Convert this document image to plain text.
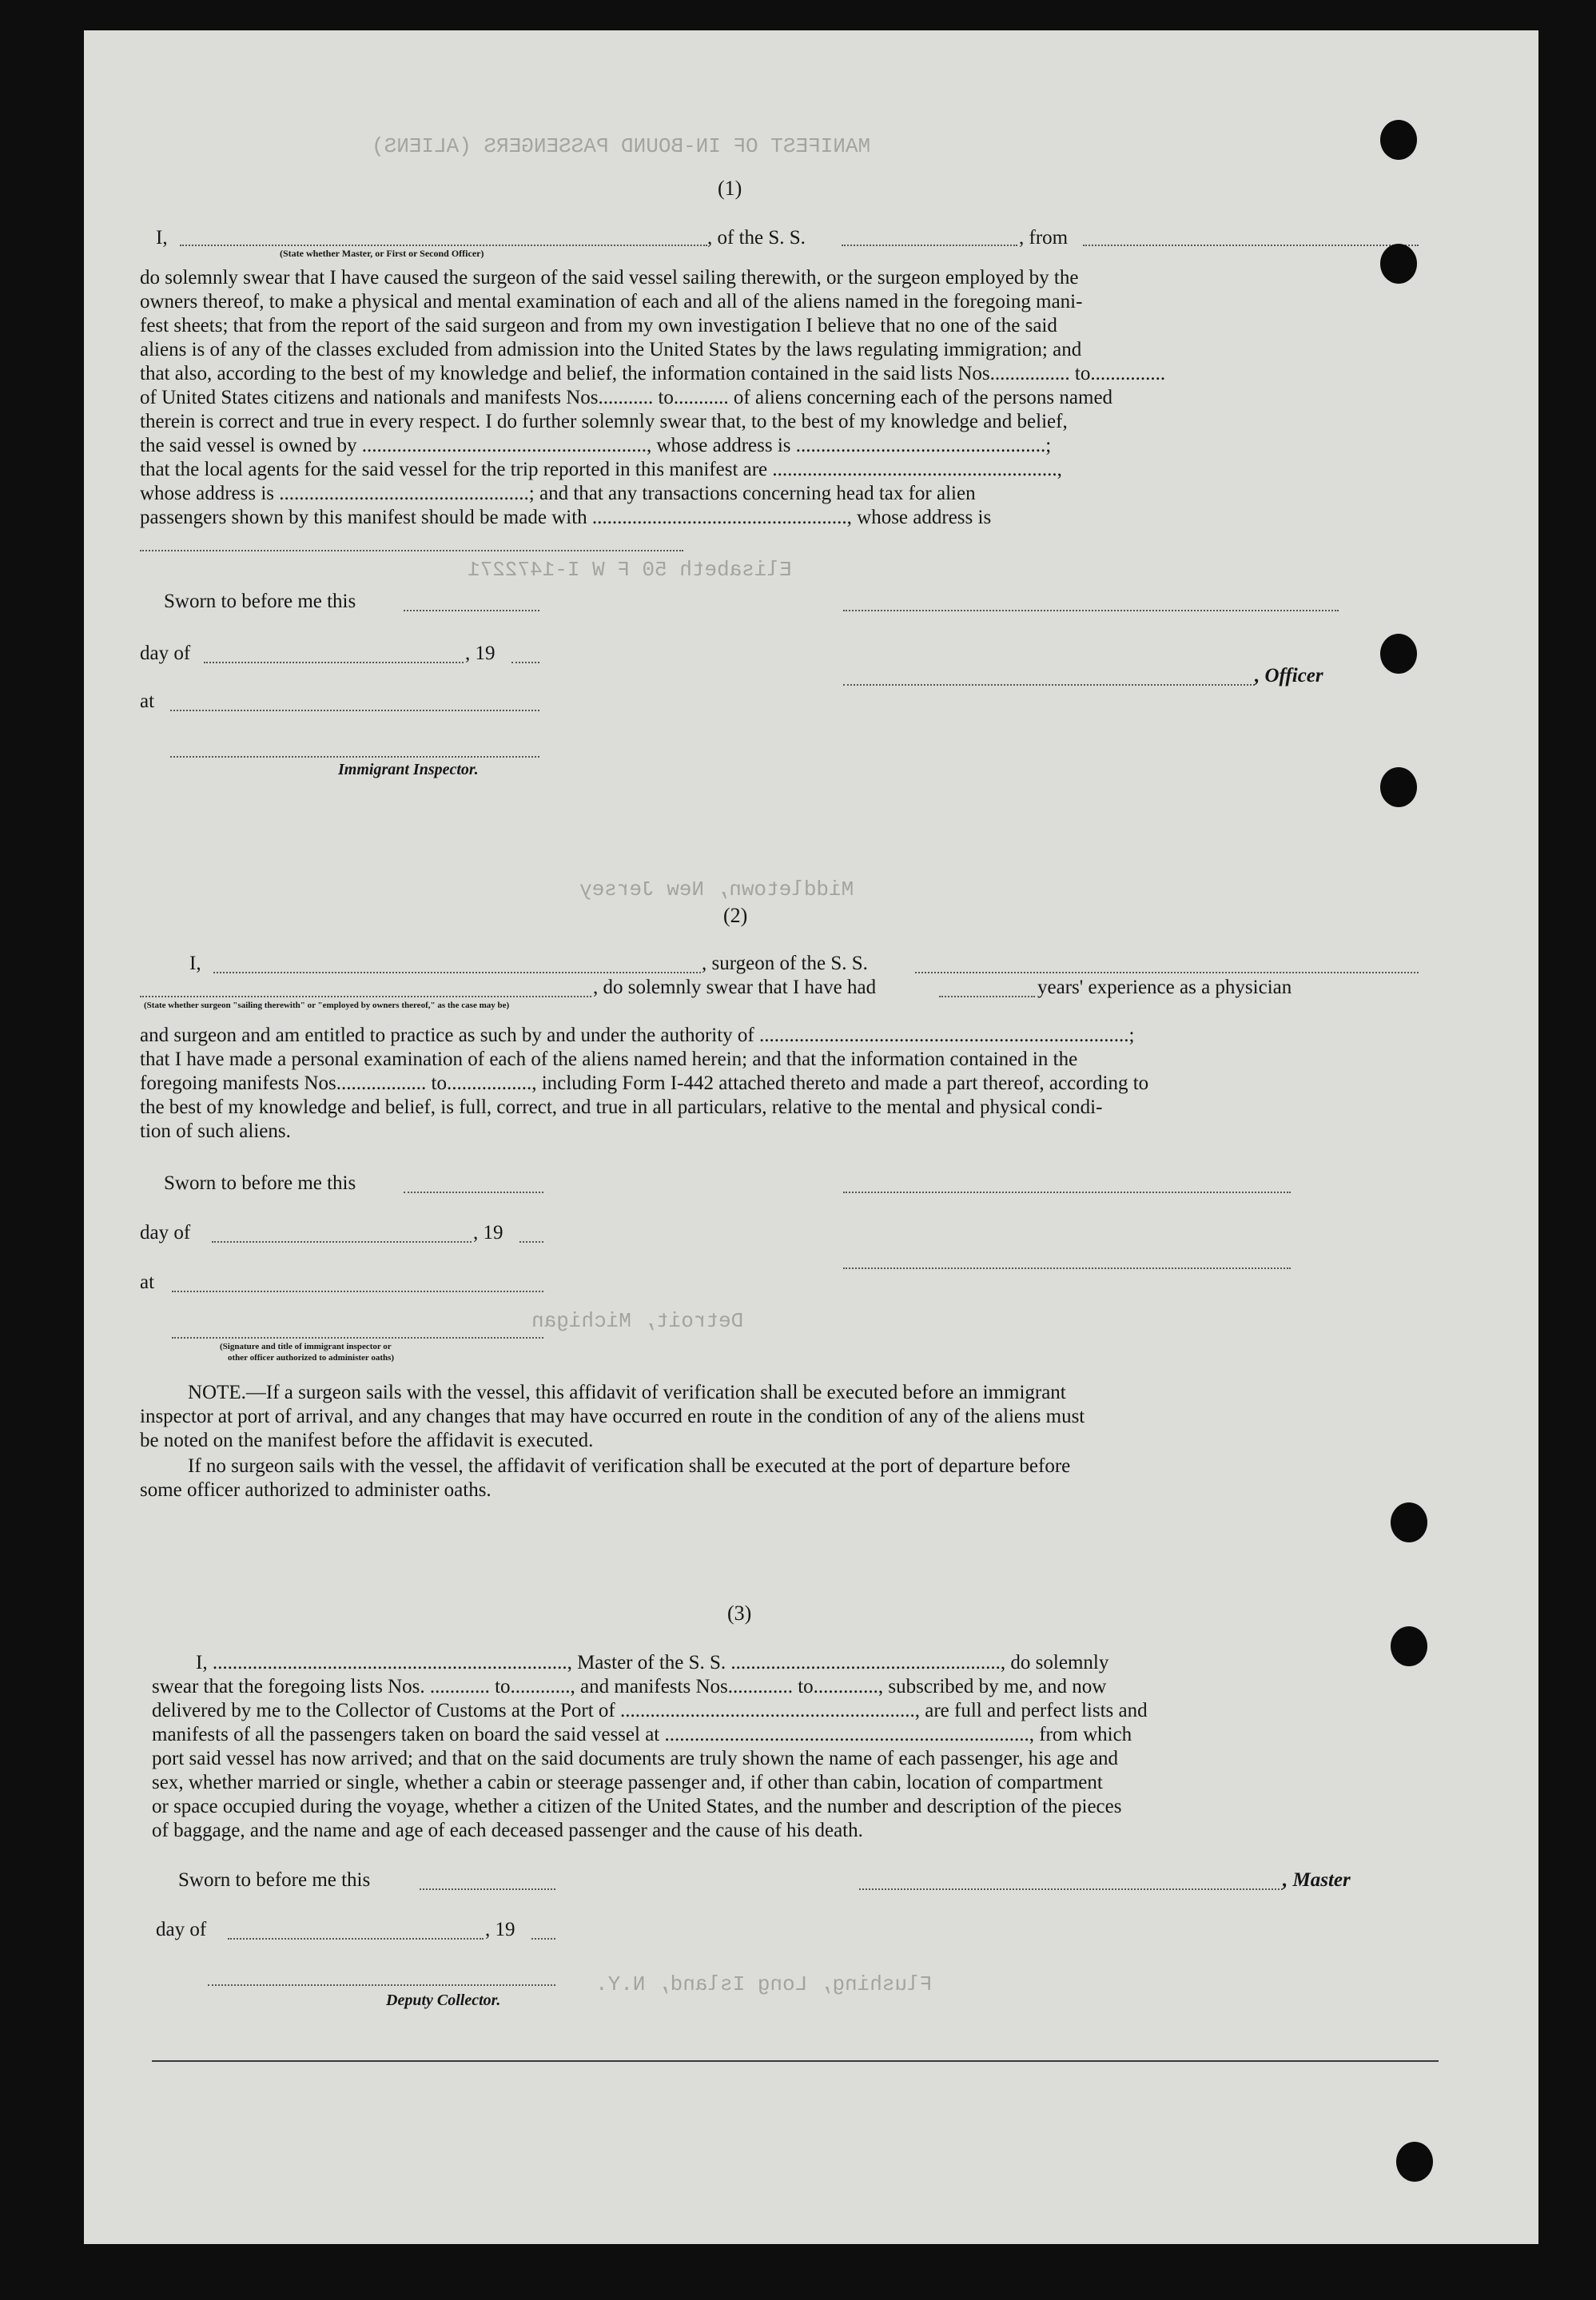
MANIFEST OF IN-BOUND PASSENGERS (ALIENS)
Elisabeth 50 F W I-1472271
Middletown, New Jersey
Detroit, Michigan
Flushing, Long Island, N.Y.
(1)
I,	, of the S. S.	, from
(State whether Master, or First or Second Officer)
do solemnly swear that I have caused the surgeon of the said vessel sailing therewith, or the surgeon employed by the
owners thereof, to make a physical and mental examination of each and all of the aliens named in the foregoing mani-
fest sheets; that from the report of the said surgeon and from my own investigation I believe that no one of the said
aliens is of any of the classes excluded from admission into the United States by the laws regulating immigration; and
that also, according to the best of my knowledge and belief, the information contained in the said lists Nos................ to...............
of United States citizens and nationals and manifests Nos........... to........... of aliens concerning each of the persons named
therein is correct and true in every respect. I do further solemnly swear that, to the best of my knowledge and belief,
the said vessel is owned by ........................................................., whose address is ..................................................;
that the local agents for the said vessel for the trip reported in this manifest are .........................................................,
whose address is ..................................................; and that any transactions concerning head tax for alien
passengers shown by this manifest should be made with ..................................................., whose address is
Sworn to before me this
day of	, 19
at
Immigrant Inspector.
, Officer
(2)
I,	, surgeon of the S. S.
, do solemnly swear that I have had	years' experience as a physician
(State whether surgeon "sailing therewith" or "employed by owners thereof," as the case may be)
and surgeon and am entitled to practice as such by and under the authority of ..........................................................................;
that I have made a personal examination of each of the aliens named herein; and that the information contained in the
foregoing manifests Nos.................. to................., including Form I-442 attached thereto and made a part thereof, according to
the best of my knowledge and belief, is full, correct, and true in all particulars, relative to the mental and physical condi-
tion of such aliens.
Sworn to before me this
day of	, 19
at
(Signature and title of immigrant inspector or
other officer authorized to administer oaths)
NOTE.—If a surgeon sails with the vessel, this affidavit of verification shall be executed before an immigrant
inspector at port of arrival, and any changes that may have occurred en route in the condition of any of the aliens must
be noted on the manifest before the affidavit is executed.
If no surgeon sails with the vessel, the affidavit of verification shall be executed at the port of departure before
some officer authorized to administer oaths.
(3)
I, ......................................................................., Master of the S. S. ......................................................, do solemnly
swear that the foregoing lists Nos. ............ to............, and manifests Nos............. to............., subscribed by me, and now
delivered by me to the Collector of Customs at the Port of ..........................................................., are full and perfect lists and
manifests of all the passengers taken on board the said vessel at ........................................................................., from which
port said vessel has now arrived; and that on the said documents are truly shown the name of each passenger, his age and
sex, whether married or single, whether a cabin or steerage passenger and, if other than cabin, location of compartment
or space occupied during the voyage, whether a citizen of the United States, and the number and description of the pieces
of baggage, and the name and age of each deceased passenger and the cause of his death.
Sworn to before me this
day of	, 19
Deputy Collector.
, Master
